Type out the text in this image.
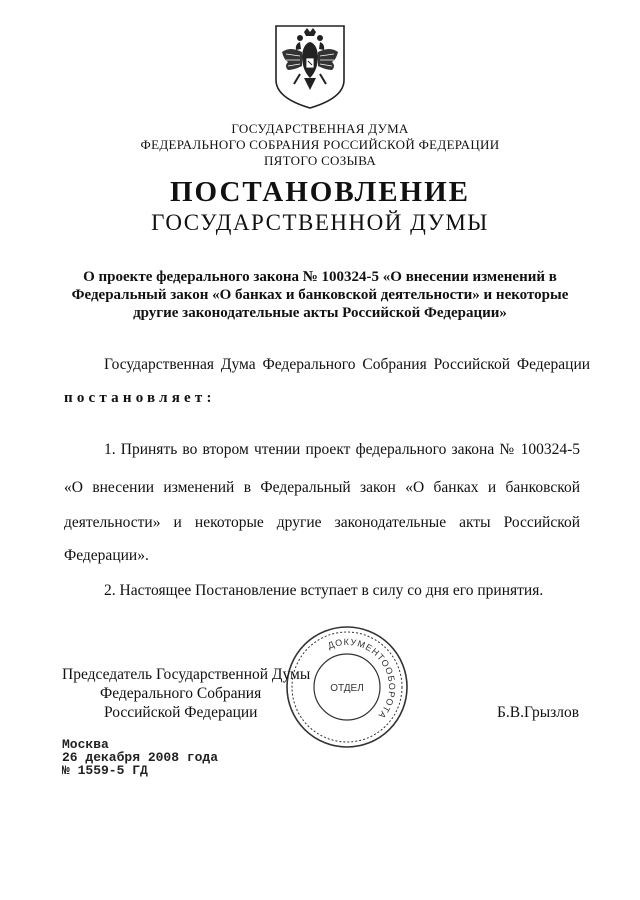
ГОСУДАРСТВЕННАЯ ДУМА
ФЕДЕРАЛЬНОГО СОБРАНИЯ РОССИЙСКОЙ ФЕДЕРАЦИИ
ПЯТОГО СОЗЫВА
ПОСТАНОВЛЕНИЕ
ГОСУДАРСТВЕННОЙ ДУМЫ
О проекте федерального закона № 100324-5 «О внесении изменений в Федеральный закон «О банках и банковской деятельности» и некоторые другие законодательные акты Российской Федерации»
Государственная Дума Федерального Собрания Российской Федерации
постановляет:
1. Принять во втором чтении проект федерального закона № 100324-5
«О внесении изменений в Федеральный закон «О банках и банковской
деятельности» и некоторые другие законодательные акты Российской
Федерации».
2. Настоящее Постановление вступает в силу со дня его принятия.
ДОКУМЕНТООБОРОТА
ОТДЕЛ
Председатель Государственной Думы
Федерального Собрания
Российской Федерации	Б.В.Грызлов
Москва
26 декабря 2008 года
№ 1559-5 ГД
